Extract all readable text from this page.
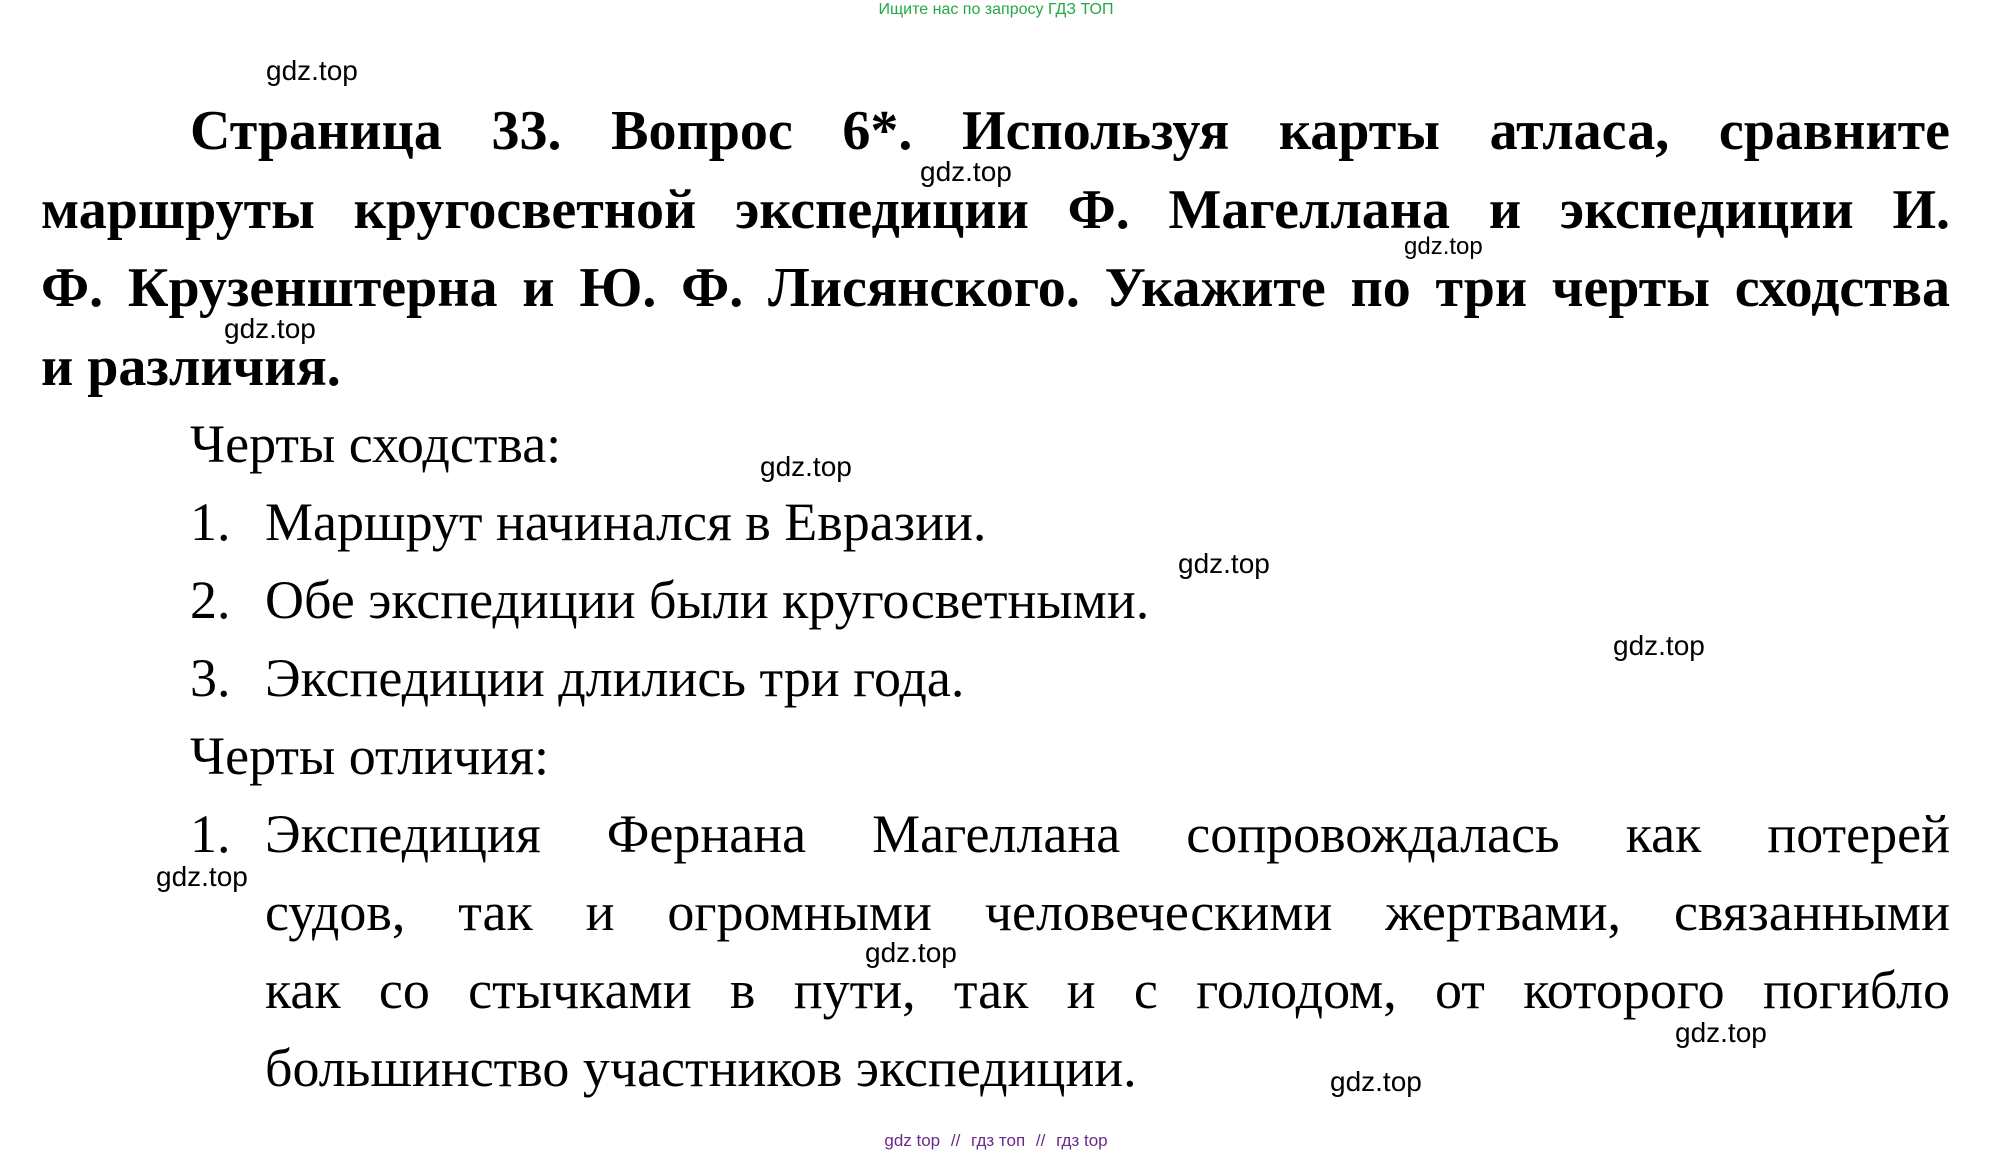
Ищите нас по запросу ГДЗ ТОП
gdz.top
gdz.top
gdz.top
gdz.top
gdz.top
gdz.top
gdz.top
gdz.top
gdz.top
gdz.top
gdz.top
Страница 33. Вопрос 6*. Используя карты атласа, сравните
маршруты кругосветной экспедиции Ф. Магеллана и экспедиции И.
Ф. Крузенштерна и Ю. Ф. Лисянского. Укажите по три черты сходства
и различия.
Черты сходства:
1. Маршрут начинался в Евразии.
2. Обе экспедиции были кругосветными.
3. Экспедиции длились три года.
Черты отличия:
1. Экспедиция Фернана Магеллана сопровождалась как потерей
судов, так и огромными человеческими жертвами, связанными
как со стычками в пути, так и с голодом, от которого погибло
большинство участников экспедиции.
gdz top // гдз топ // гдз top
